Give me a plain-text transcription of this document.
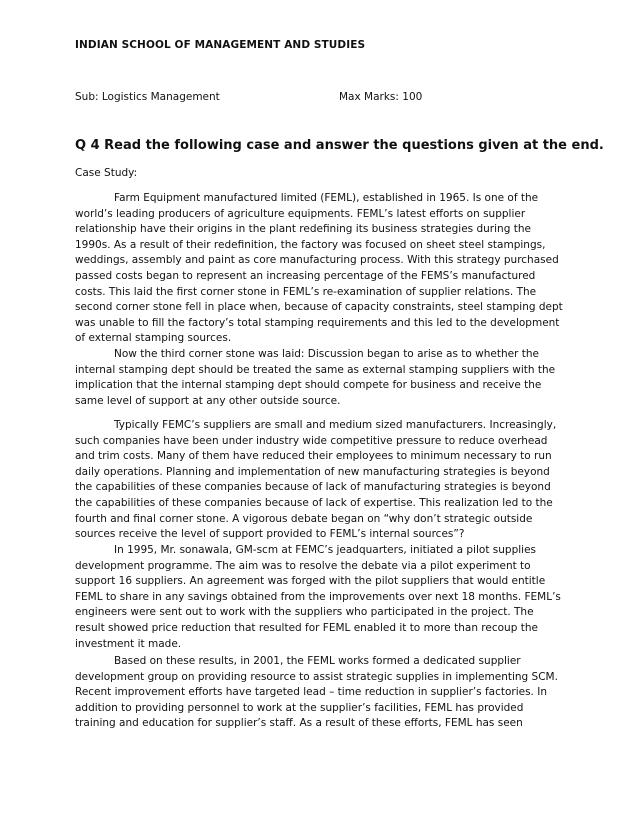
INDIAN SCHOOL OF MANAGEMENT AND STUDIES
Sub: Logistics Management	Max Marks: 100
Q 4 Read the following case and answer the questions given at the end.
Case Study:
Farm Equipment manufactured limited (FEML), established in 1965. Is one of the
world’s leading producers of agriculture equipments. FEML’s latest efforts on supplier
relationship have their origins in the plant redefining its business strategies during the
1990s. As a result of their redefinition, the factory was focused on sheet steel stampings,
weddings, assembly and paint as core manufacturing process. With this strategy purchased
passed costs began to represent an increasing percentage of the FEMS’s manufactured
costs. This laid the first corner stone in FEML’s re-examination of supplier relations. The
second corner stone fell in place when, because of capacity constraints, steel stamping dept
was unable to fill the factory’s total stamping requirements and this led to the development
of external stamping sources.
Now the third corner stone was laid: Discussion began to arise as to whether the
internal stamping dept should be treated the same as external stamping suppliers with the
implication that the internal stamping dept should compete for business and receive the
same level of support at any other outside source.
Typically FEMC’s suppliers are small and medium sized manufacturers. Increasingly,
such companies have been under industry wide competitive pressure to reduce overhead
and trim costs. Many of them have reduced their employees to minimum necessary to run
daily operations. Planning and implementation of new manufacturing strategies is beyond
the capabilities of these companies because of lack of manufacturing strategies is beyond
the capabilities of these companies because of lack of expertise. This realization led to the
fourth and final corner stone. A vigorous debate began on “why don’t strategic outside
sources receive the level of support provided to FEML’s internal sources”?
In 1995, Mr. sonawala, GM-scm at FEMC’s jeadquarters, initiated a pilot supplies
development programme. The aim was to resolve the debate via a pilot experiment to
support 16 suppliers. An agreement was forged with the pilot suppliers that would entitle
FEML to share in any savings obtained from the improvements over next 18 months. FEML’s
engineers were sent out to work with the suppliers who participated in the project. The
result showed price reduction that resulted for FEML enabled it to more than recoup the
investment it made.
Based on these results, in 2001, the FEML works formed a dedicated supplier
development group on providing resource to assist strategic supplies in implementing SCM.
Recent improvement efforts have targeted lead – time reduction in supplier’s factories. In
addition to providing personnel to work at the supplier’s facilities, FEML has provided
training and education for supplier’s staff. As a result of these efforts, FEML has seen
